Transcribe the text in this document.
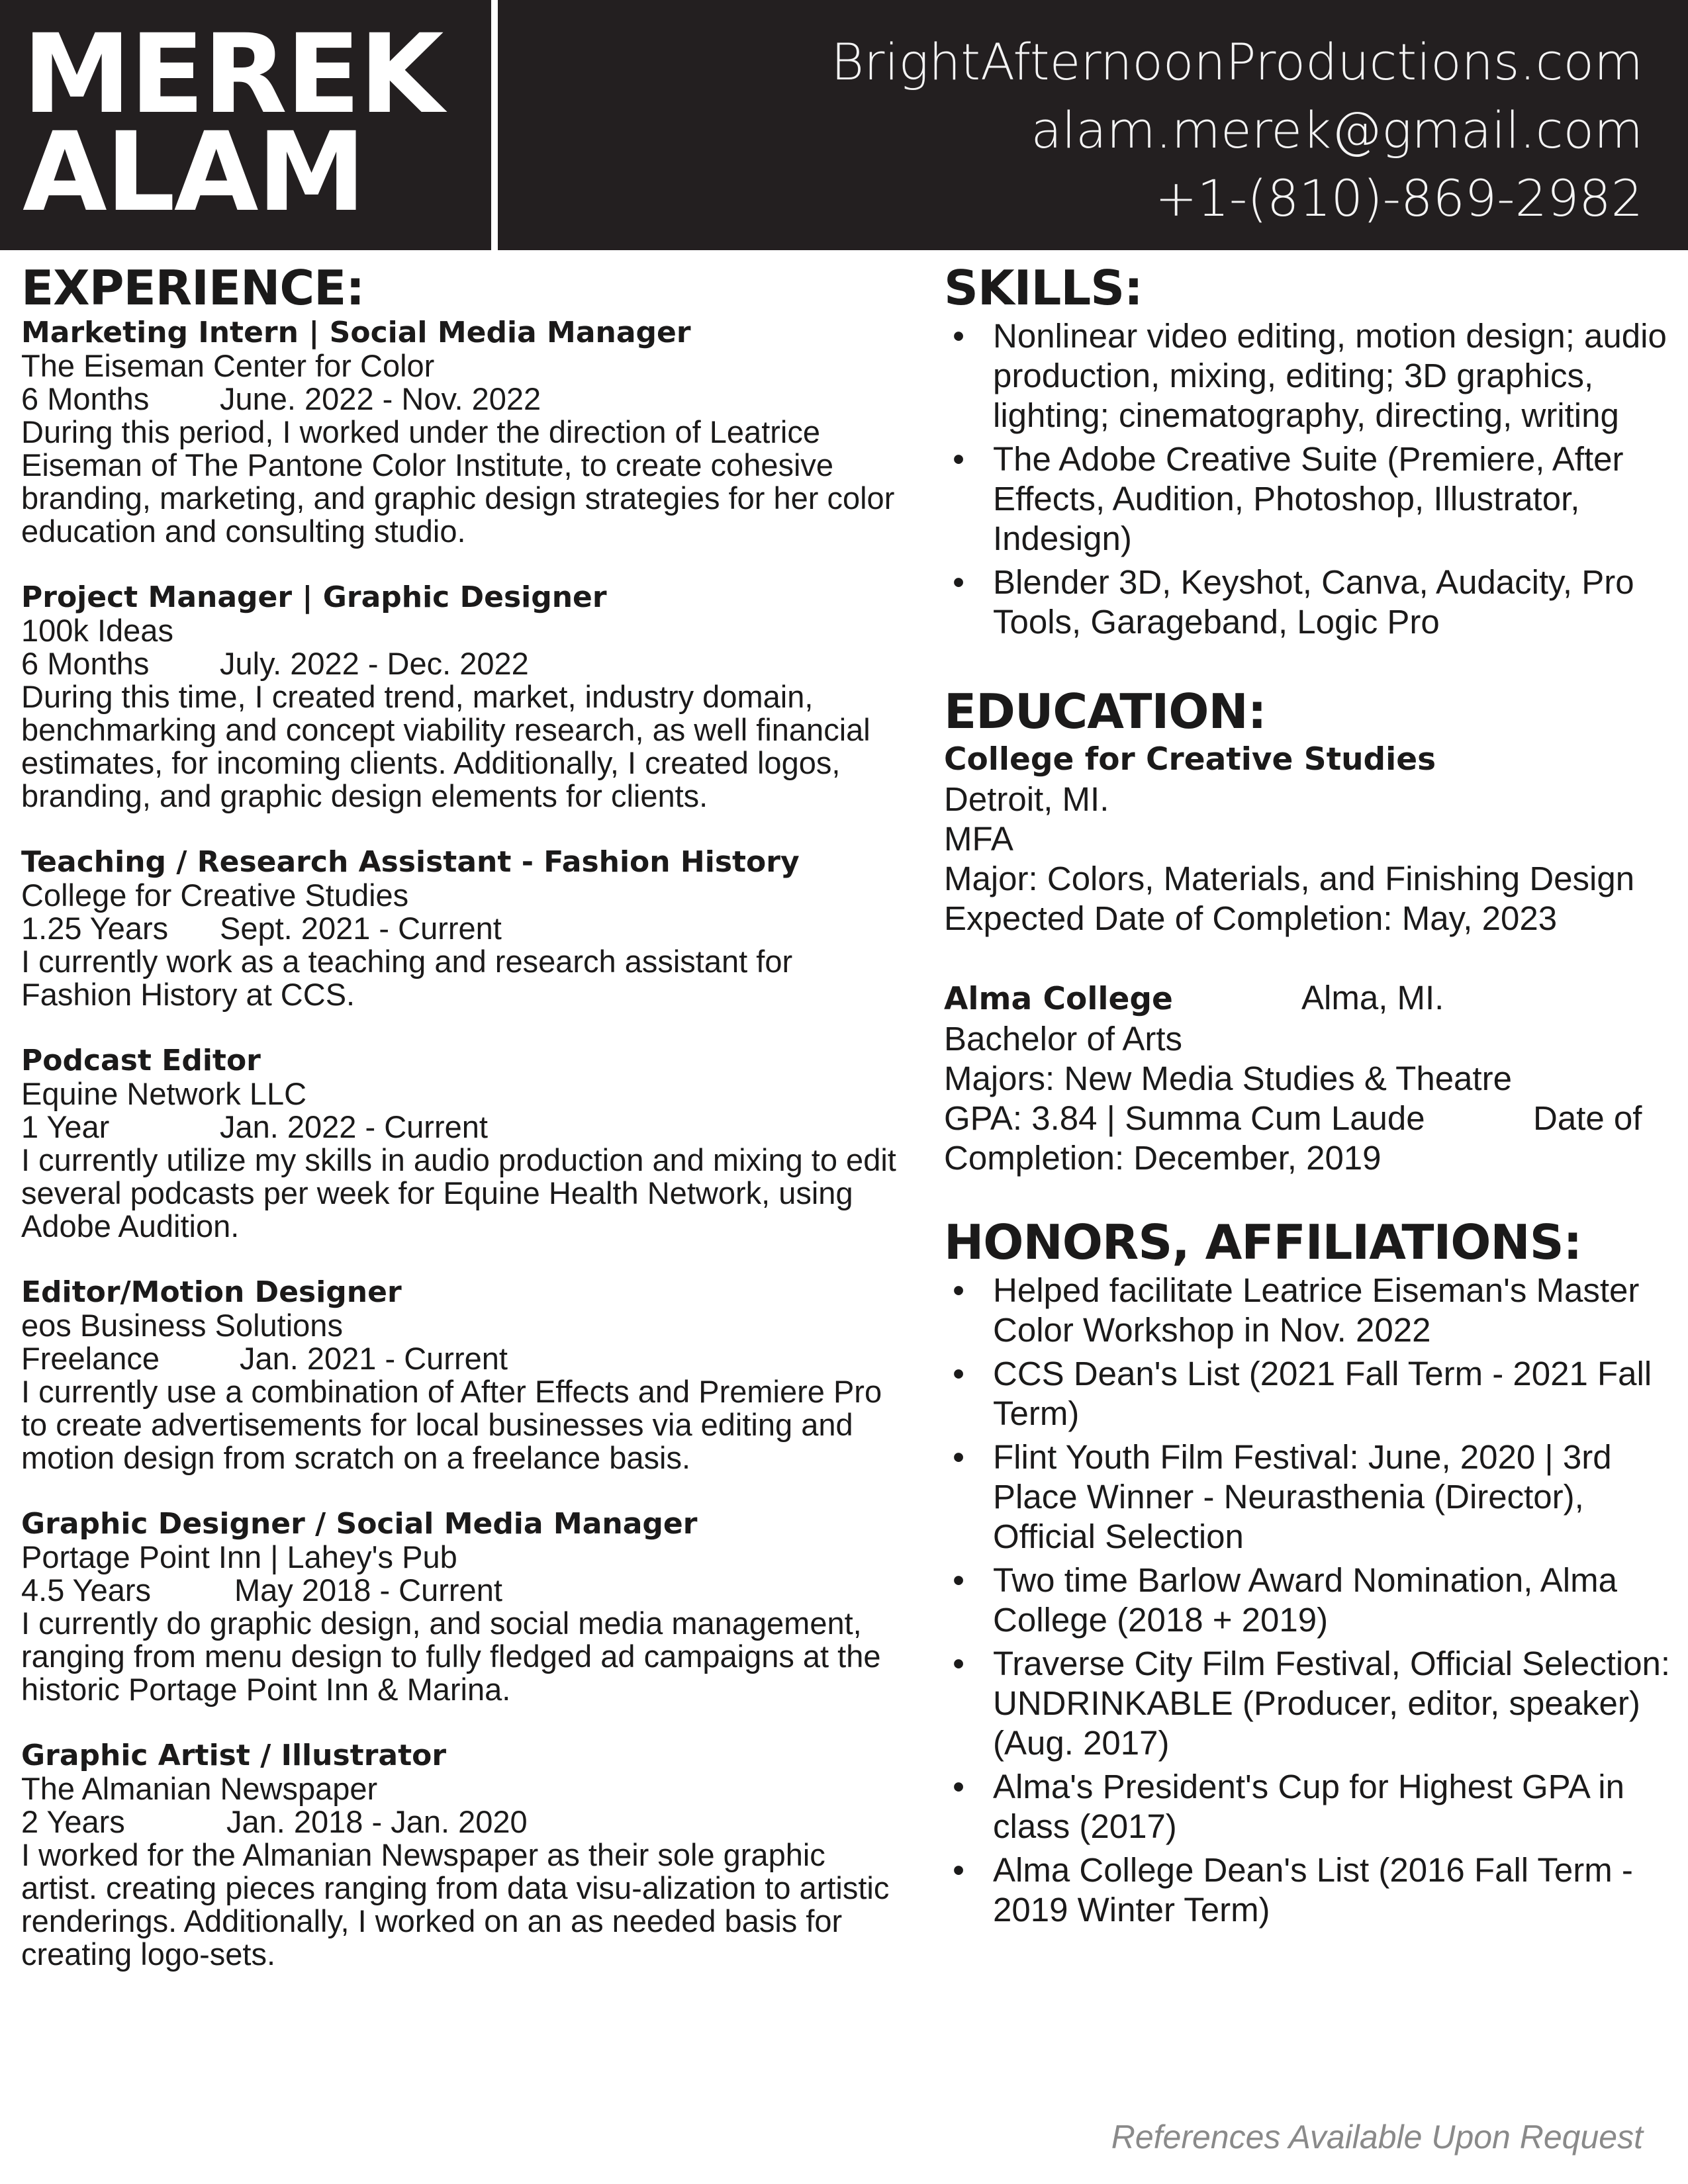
MEREK
ALAM
BrightAfternoonProductions.com
alam.merek@gmail.com
+1-(810)-869-2982
EXPERIENCE:
Marketing Intern | Social Media Manager
The Eiseman Center for Color
6 Months June. 2022 - Nov. 2022
During this period, I worked under the direction of Leatrice Eiseman of The Pantone Color Institute, to create cohesive branding, marketing, and graphic design strategies for her color education and consulting studio.
Project Manager | Graphic Designer
100k Ideas
6 Months July. 2022 - Dec. 2022
During this time, I created trend, market, industry domain, benchmarking and concept viability research, as well financial estimates, for incoming clients. Additionally, I created logos, branding, and graphic design elements for clients.
Teaching / Research Assistant - Fashion History
College for Creative Studies
1.25 Years Sept. 2021 - Current
I currently work as a teaching and research assistant for Fashion History at CCS.
Podcast Editor
Equine Network LLC
1 Year	Jan. 2022 - Current
I currently utilize my skills in audio production and mixing to edit several podcasts per week for Equine Health Network, using Adobe Audition.
Editor/Motion Designer
eos Business Solutions
Freelance	Jan. 2021 - Current
I currently use a combination of After Effects and Premiere Pro to create advertisements for local businesses via editing and motion design from scratch on a freelance basis.
Graphic Designer / Social Media Manager
Portage Point Inn | Lahey's Pub
4.5 Years	May 2018 - Current
I currently do graphic design, and social media management, ranging from menu design to fully fledged ad campaigns at the historic Portage Point Inn & Marina.
Graphic Artist / Illustrator
The Almanian Newspaper
2 Years	Jan. 2018 - Jan. 2020
I worked for the Almanian Newspaper as their sole graphic artist. creating pieces ranging from data visu-alization to artistic renderings. Additionally, I worked on an as needed basis for creating logo-sets.
SKILLS:
• Nonlinear video editing, motion design; audio production, mixing, editing; 3D graphics, lighting; cinematography, directing, writing
• The Adobe Creative Suite (Premiere, After Effects, Audition, Photoshop, Illustrator, Indesign)
• Blender 3D, Keyshot, Canva, Audacity, Pro Tools, Garageband, Logic Pro
EDUCATION:
College for Creative Studies
Detroit, MI.
MFA
Major: Colors, Materials, and Finishing Design
Expected Date of Completion: May, 2023
Alma College	Alma, MI.
Bachelor of Arts
Majors: New Media Studies & Theatre
GPA: 3.84 | Summa Cum Laude	Date of
Completion: December, 2019
HONORS, AFFILIATIONS:
• Helped facilitate Leatrice Eiseman's Master Color Workshop in Nov. 2022
• CCS Dean's List (2021 Fall Term - 2021 Fall Term)
• Flint Youth Film Festival: June, 2020 | 3rd Place Winner - Neurasthenia (Director), Official Selection
• Two time Barlow Award Nomination, Alma College (2018 + 2019)
• Traverse City Film Festival, Official Selection: UNDRINKABLE (Producer, editor, speaker) (Aug. 2017)
• Alma's President's Cup for Highest GPA in class (2017)
• Alma College Dean's List (2016 Fall Term - 2019 Winter Term)
References Available Upon Request
